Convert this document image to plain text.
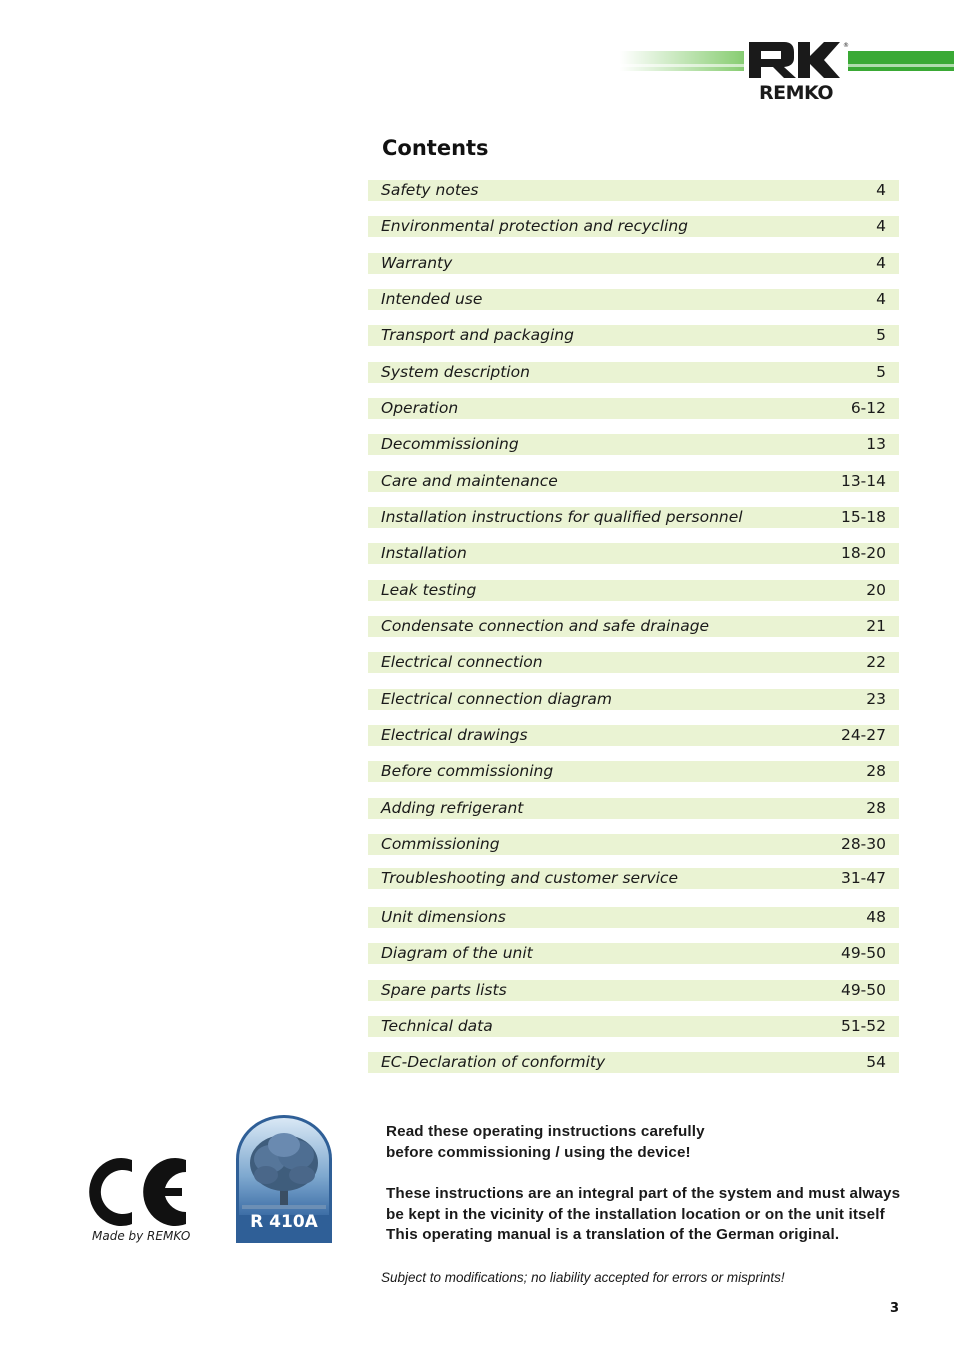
®
REMKO
Contents
Safety notes	4
Environmental protection and recycling	4
Warranty	4
Intended use	4
Transport and packaging	5
System description	5
Operation	6-12
Decommissioning	13
Care and maintenance	13-14
Installation instructions for qualified personnel	15-18
Installation	18-20
Leak testing	20
Condensate connection and safe drainage	21
Electrical connection	22
Electrical connection diagram	23
Electrical drawings	24-27
Before commissioning	28
Adding refrigerant	28
Commissioning	28-30
Troubleshooting and customer service	31-47
Unit dimensions	48
Diagram of the unit	49-50
Spare parts lists	49-50
Technical data	51-52
EC-Declaration of conformity	54
Made by REMKO
R 410A
Read these operating instructions carefully
before commissioning / using the device!
These instructions are an integral part of the system and must always
be kept in the vicinity of the installation location or on the unit itself
This operating manual is a translation of the German original.
Subject to modifications; no liability accepted for errors or misprints!
3
